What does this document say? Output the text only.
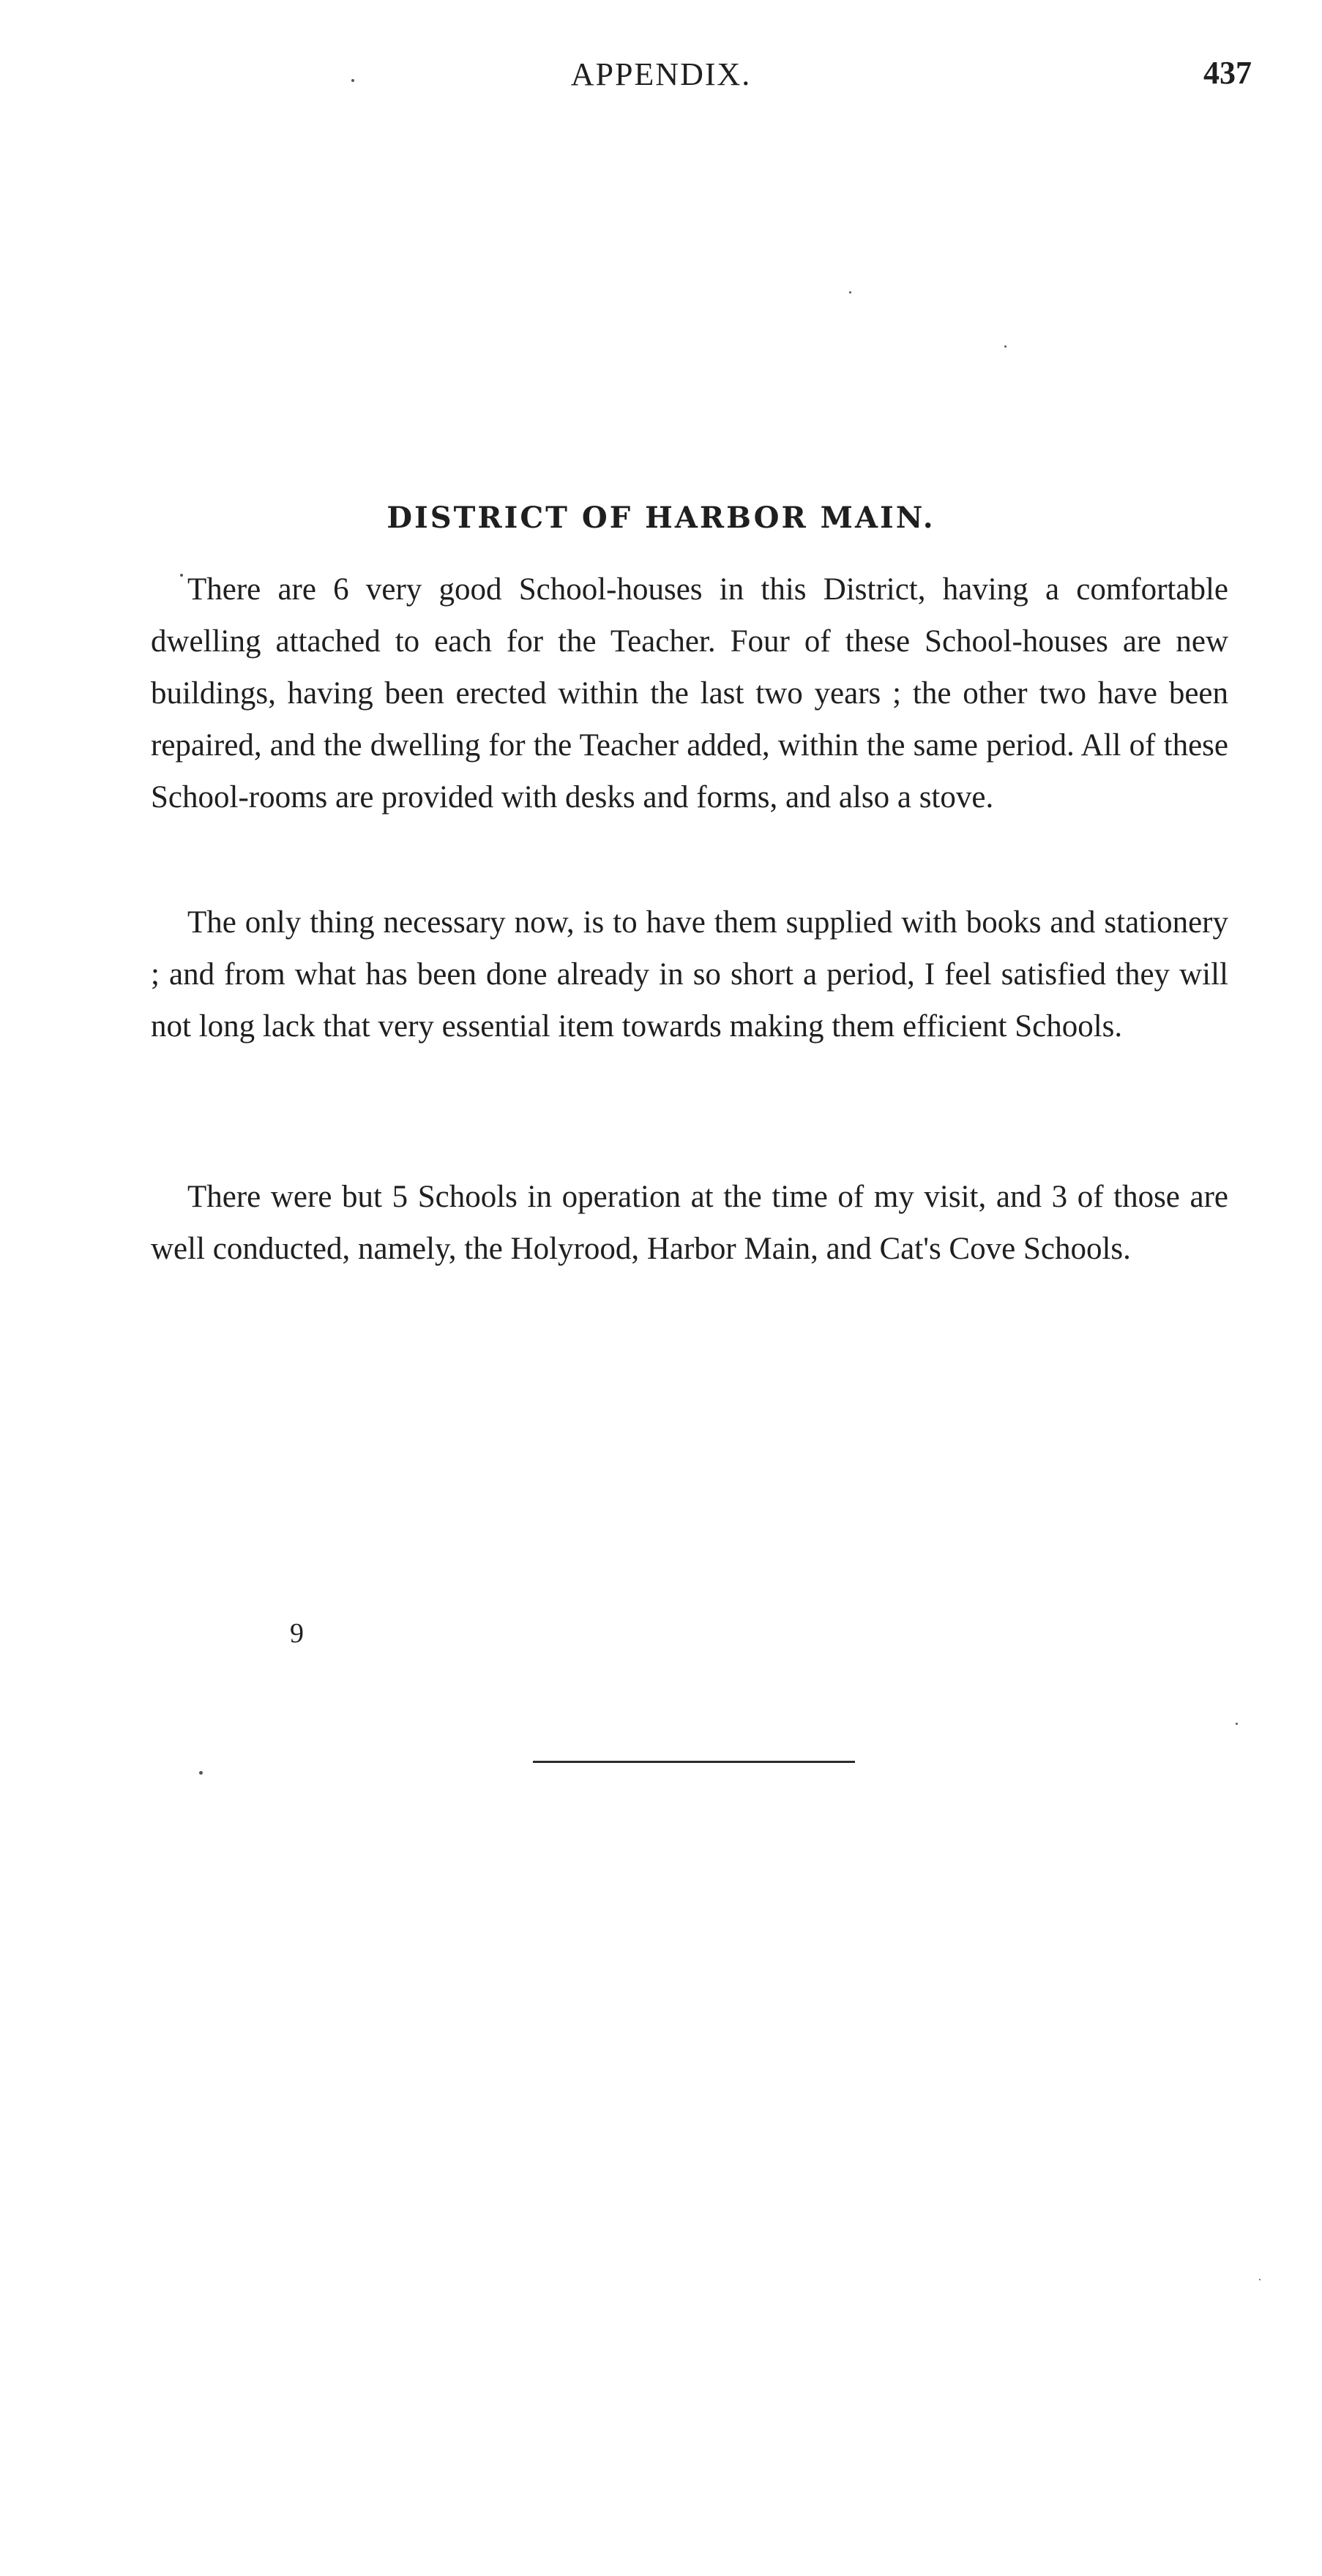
APPENDIX.	437
DISTRICT OF HARBOR MAIN.

There are 6 very good School-houses in this District, having a comfortable dwelling attached to each for the Teacher. Four of these School-houses are new buildings, having been erected within the last two years ; the other two have been repaired, and the dwelling for the Teacher added, within the same period. All of these School-rooms are provided with desks and forms, and also a stove.

The only thing necessary now, is to have them supplied with books and stationery ; and from what has been done already in so short a period, I feel satisfied they will not long lack that very essential item towards making them efficient Schools.

There were but 5 Schools in operation at the time of my visit, and 3 of those are well conducted, namely, the Holyrood, Harbor Main, and Cat's Cove Schools.

9
